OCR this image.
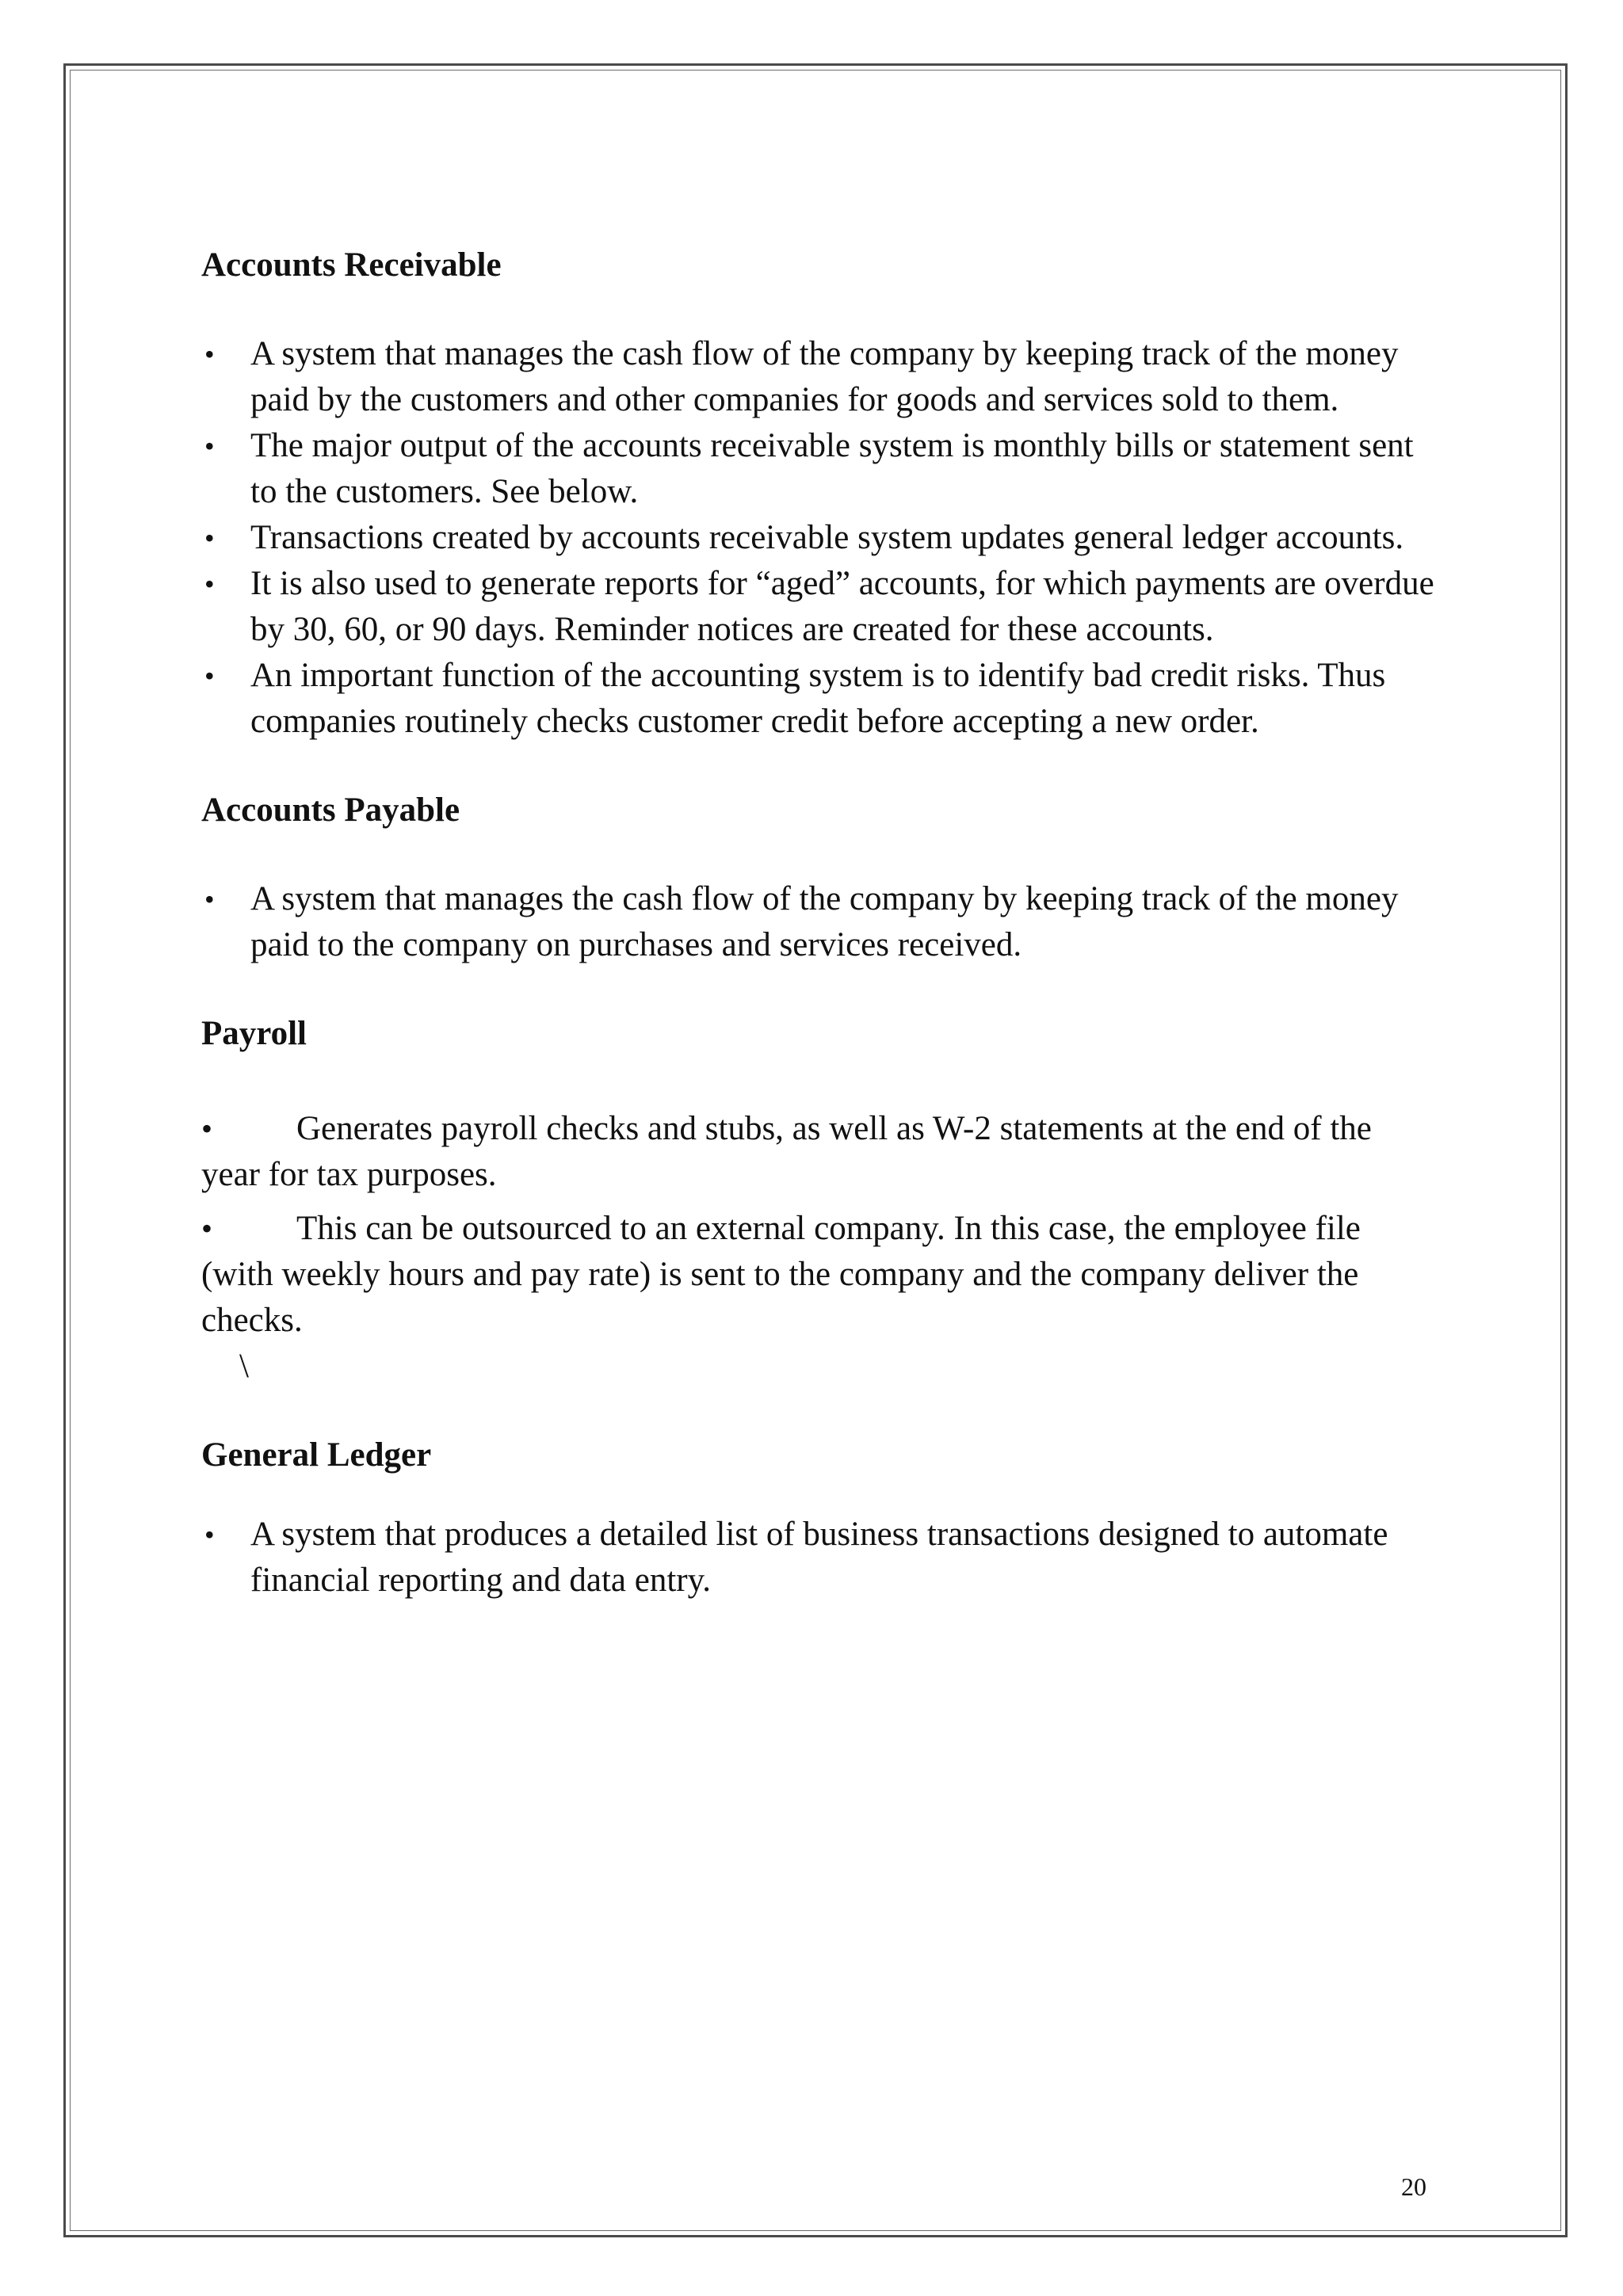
Accounts Receivable
• A system that manages the cash flow of the company by keeping track of the money paid by the customers and other companies for goods and services sold to them.
• The major output of the accounts receivable system is monthly bills or statement sent to the customers. See below.
• Transactions created by accounts receivable system updates general ledger accounts.
• It is also used to generate reports for “aged” accounts, for which payments are overdue by 30, 60, or 90 days. Reminder notices are created for these accounts.
• An important function of the accounting system is to identify bad credit risks. Thus companies routinely checks customer credit before accepting a new order.
Accounts Payable
• A system that manages the cash flow of the company by keeping track of the money paid to the company on purchases and services received.
Payroll
• Generates payroll checks and stubs, as well as W-2 statements at the end of the year for tax purposes.
• This can be outsourced to an external company. In this case, the employee file (with weekly hours and pay rate) is sent to the company and the company deliver the checks.
\
General Ledger
• A system that produces a detailed list of business transactions designed to automate financial reporting and data entry.
20
